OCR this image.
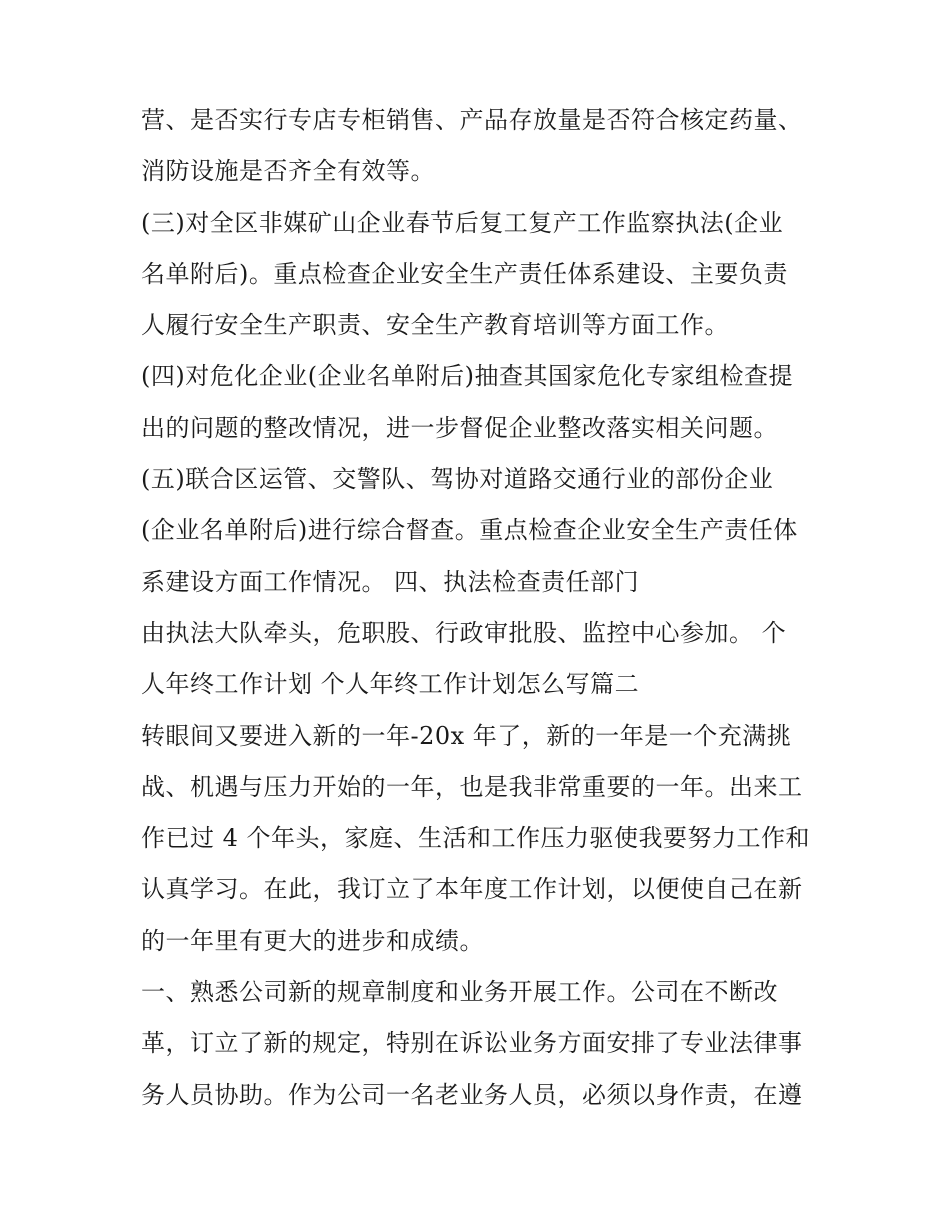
营、是否实行专店专柜销售、产品存放量是否符合核定药量、
消防设施是否齐全有效等。
(三)对全区非媒矿山企业春节后复工复产工作监察执法(企业
名单附后)。重点检查企业安全生产责任体系建设、主要负责
人履行安全生产职责、安全生产教育培训等方面工作。
(四)对危化企业(企业名单附后)抽查其国家危化专家组检查提
出的问题的整改情况，进一步督促企业整改落实相关问题。
(五)联合区运管、交警队、驾协对道路交通行业的部份企业
(企业名单附后)进行综合督查。重点检查企业安全生产责任体
系建设方面工作情况。 四、执法检查责任部门
由执法大队牵头，危职股、行政审批股、监控中心参加。 个
人年终工作计划 个人年终工作计划怎么写篇二
转眼间又要进入新的一年-20x 年了，新的一年是一个充满挑
战、机遇与压力开始的一年，也是我非常重要的一年。出来工
作已过 4 个年头，家庭、生活和工作压力驱使我要努力工作和
认真学习。在此，我订立了本年度工作计划，以便使自己在新
的一年里有更大的进步和成绩。
一、熟悉公司新的规章制度和业务开展工作。公司在不断改
革，订立了新的规定，特别在诉讼业务方面安排了专业法律事
务人员协助。作为公司一名老业务人员，必须以身作责，在遵
